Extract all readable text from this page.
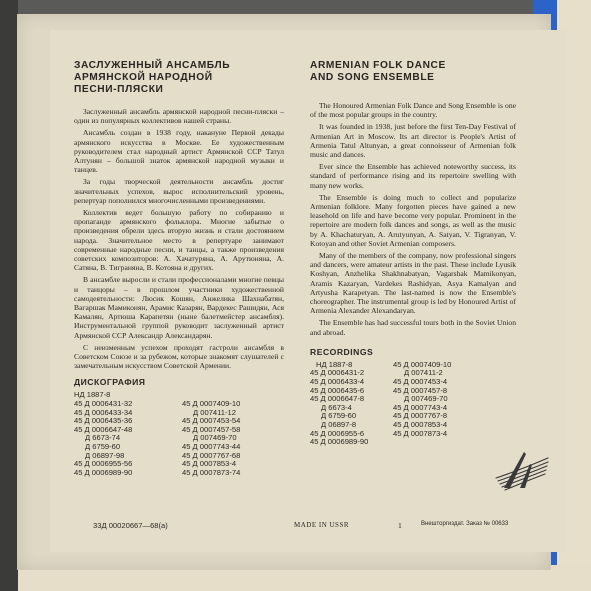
ЗАСЛУЖЕННЫЙ АНСАМБЛЬ
АРМЯНСКОЙ НАРОДНОЙ
ПЕСНИ-ПЛЯСКИ

Заслуженный ансамбль армянской народной песни-пляски – один из популярных коллективов нашей страны.

Ансамбль создан в 1938 году, накануне Первой декады армянского искусства в Москве. Ее художественным руководителем стал народный артист Армянской ССР Татул Алтунян – большой знаток армянской народной музыки и танцев.

За годы творческой деятельности ансамбль достиг значительных успехов, вырос исполнительский уровень, репертуар пополнился многочисленными произведениями.

Коллектив ведет большую работу по собиранию и пропаганде армянского фольклора. Многие забытые о произведения обрели здесь вторую жизнь и стали достоянием народа. Значительное место в репертуаре занимают современные народные песни, и танцы, а также произведения советских композиторов: А. Хачатуряна, А. Арутюняна, А. Сатяна, В. Тиграняна, В. Котояна и других.

В ансамбле выросли и стали профессионалами многие певцы и танцоры – в прошлом участники художественной самодеятельности: Люсик Кошян, Анжелика Шахнабатян, Вагаршак Мамиконян, Арамис Казарян, Вардекес Рашидян, Ася Камалян, Артюша Карапетян (ныне балетмейстер ансамбля). Инструментальной группой руководит заслуженный артист Армянской ССР Александр Александарян.

С неизменным успехом проходят гастроли ансамбля в Советском Союзе и за рубежом, которые знакомят слушателей с замечательным искусством Советской Армении.

ДИСКОГРАФИЯ
НД 1887-8
45 Д 0006431-32
45 Д 0006433-34
45 Д 0006435-36
45 Д 0006647-48
Д 6673-74
Д 6759-60
Д 06897-98
45 Д 0006955-56
45 Д 0006989-90

45 Д 0007409-10
Д 007411-12
45 Д 0007453-54
45 Д 0007457-58
Д 007469-70
45 Д 0007743-44
45 Д 0007767-68
45 Д 0007853-4
45 Д 0007873-74
ARMENIAN FOLK DANCE
AND SONG ENSEMBLE

The Honoured Armenian Folk Dance and Song Ensemble is one of the most popular groups in the country.

It was founded in 1938, just before the first Ten-Day Festival of Armenian Art in Moscow. Its art director is People's Artist of Armenia Tatul Altunyan, a great connoisseur of Armenian folk music and dances.

Ever since the Ensemble has achieved noteworthy success, its standard of performance rising and its repertoire swelling with many new works.

The Ensemble is doing much to collect and popularize Armenian folklore. Many forgotten pieces have gained a new leasehold on life and have become very popular. Prominent in the repertoire are modern folk dances and songs, as well as the music by A. Khachaturyan, A. Arutyunyan, A. Satyan, V. Tigranyan, V. Kotoyan and other Soviet Armenian composers.

Many of the members of the company, now professional singers and dancers, were amateur artists in the past. These include Lyusik Koshyan, Anzhelika Shakhnabatyan, Vagarshak Mamikonyan, Aramis Kazaryan, Vardekes Rashidyan, Asya Kamalyan and Artyusha Karapetyan. The last-named is now the Ensemble's choreographer. The instrumental group is led by Honoured Artist of Armenia Alexander Alexandaryan.

The Ensemble has had successful tours both in the Soviet Union and abroad.

RECORDINGS
НД 1887-8
45 Д 0006431-2
45 Д 0006433-4
45 Д 0006435-6
45 Д 0006647-8
Д 6673-4
Д 6759-60
Д 06897-8
45 Д 0006955-6
45 Д 0006989-90
45 Д 0007409-10
Д 007411-2
45 Д 0007453-4
45 Д 0007457-8
Д 007469-70
45 Д 0007743-4
45 Д 0007767-8
45 Д 0007853-4
45 Д 0007873-4
33Д 00020667—68(а)	MADE IN USSR	1	Внешторгиздат. Заказ № 00633
